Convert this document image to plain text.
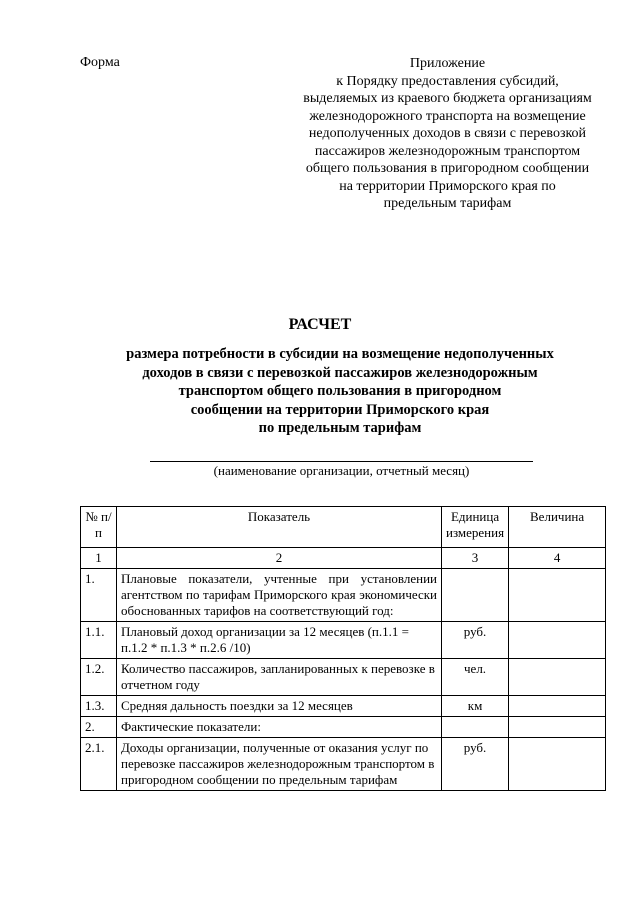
Форма	Приложение
к Порядку предоставления субсидий,
выделяемых из краевого бюджета организациям
железнодорожного транспорта на возмещение
недополученных доходов в связи с перевозкой
пассажиров железнодорожным транспортом
общего пользования в пригородном сообщении
на территории Приморского края по
предельным тарифам
РАСЧЕТ
размера потребности в субсидии на возмещение недополученных
доходов в связи с перевозкой пассажиров железнодорожным
транспортом общего пользования в пригородном
сообщении на территории Приморского края
по предельным тарифам
(наименование организации, отчетный месяц)
№ п/п	Показатель	Единица измерения	Величина
1	2	3	4
1.	Плановые показатели, учтенные при установлении агентством по тарифам Приморского края экономически обоснованных тарифов на соответствующий год:		
1.1.	Плановый доход организации за 12 месяцев (п.1.1 = п.1.2 * п.1.3 * п.2.6 /10)	руб.	
1.2.	Количество пассажиров, запланированных к перевозке в отчетном году	чел.	
1.3.	Средняя дальность поездки за 12 месяцев	км	
2.	Фактические показатели:		
2.1.	Доходы организации, полученные от оказания услуг по перевозке пассажиров железнодорожным транспортом в пригородном сообщении по предельным тарифам	руб.	
